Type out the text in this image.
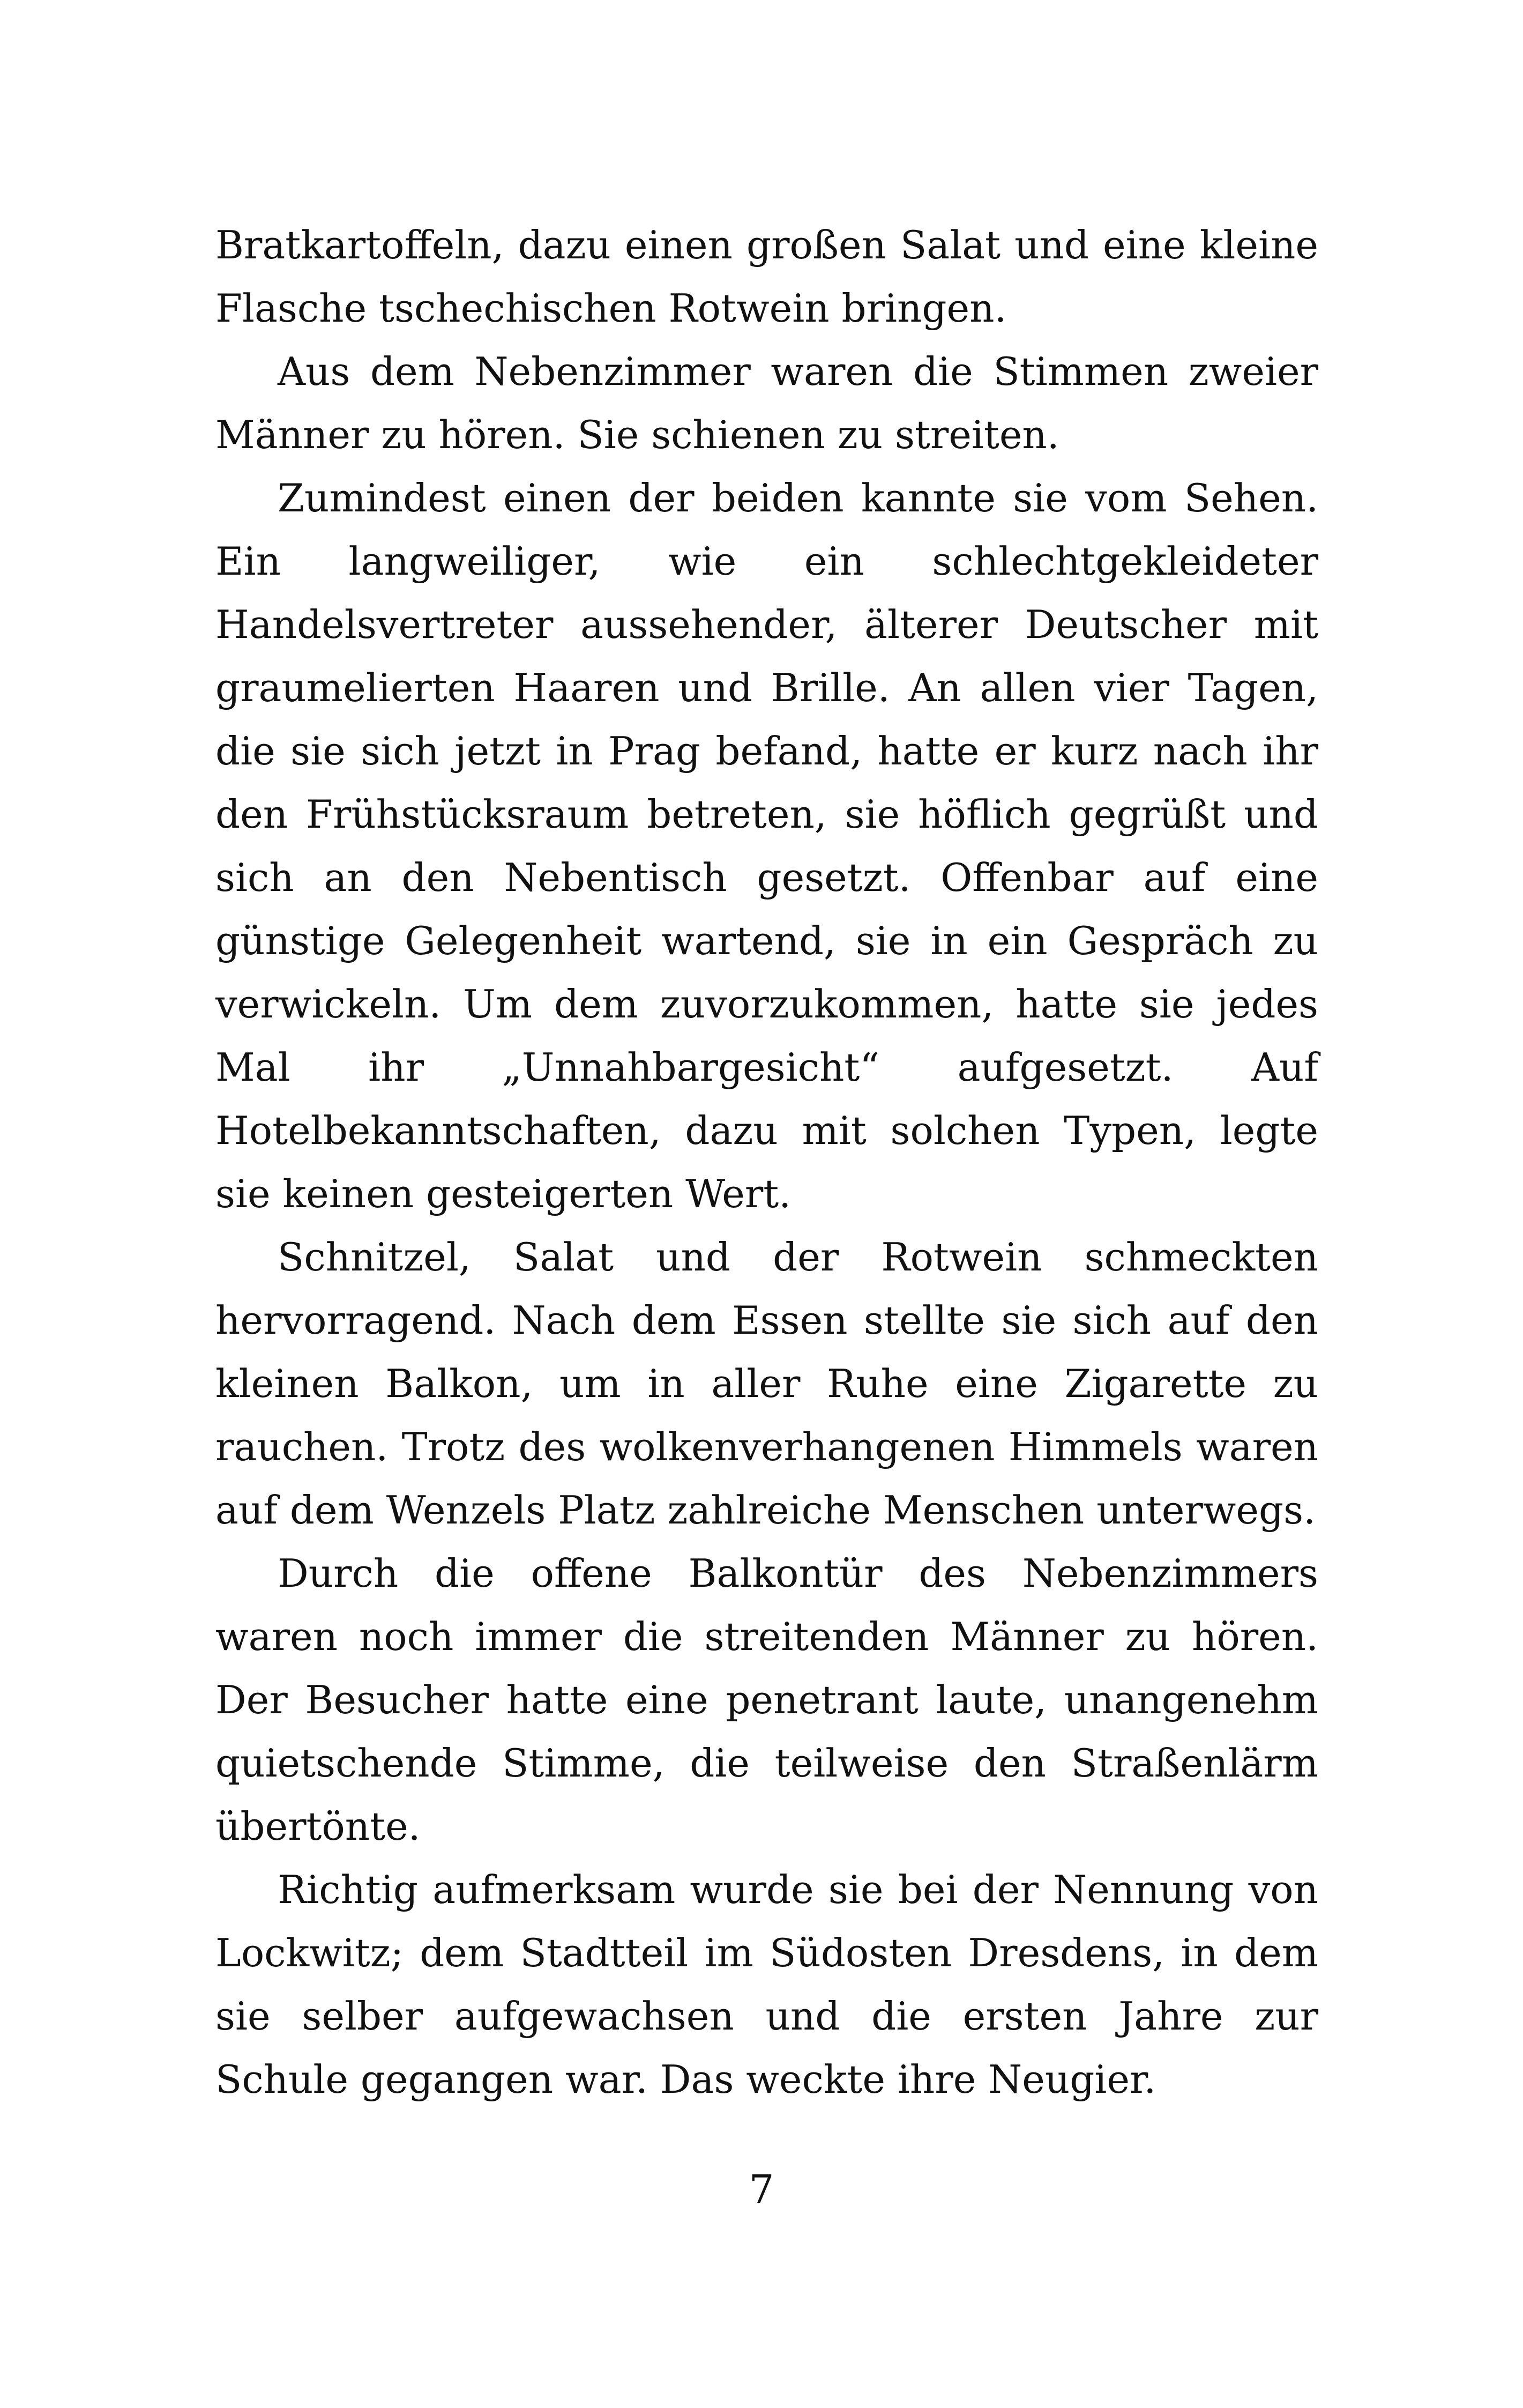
Bratkartoffeln, dazu einen großen Salat und eine kleine Flasche tschechischen Rotwein bringen.

Aus dem Nebenzimmer waren die Stimmen zweier Männer zu hören. Sie schienen zu streiten.

Zumindest einen der beiden kannte sie vom Sehen. Ein langweiliger, wie ein schlechtgekleideter Handelsvertreter aussehender, älterer Deutscher mit graumelierten Haaren und Brille. An allen vier Tagen, die sie sich jetzt in Prag befand, hatte er kurz nach ihr den Frühstücksraum betreten, sie höflich gegrüßt und sich an den Nebentisch gesetzt. Offenbar auf eine günstige Gelegenheit wartend, sie in ein Gespräch zu verwickeln. Um dem zuvorzukommen, hatte sie jedes Mal ihr „Unnahbargesicht“ aufgesetzt. Auf Hotelbekanntschaften, dazu mit solchen Typen, legte sie keinen gesteigerten Wert.

Schnitzel, Salat und der Rotwein schmeckten hervorragend. Nach dem Essen stellte sie sich auf den kleinen Balkon, um in aller Ruhe eine Zigarette zu rauchen. Trotz des wolkenverhangenen Himmels waren auf dem Wenzels Platz zahlreiche Menschen unterwegs.

Durch die offene Balkontür des Nebenzimmers waren noch immer die streitenden Männer zu hören. Der Besucher hatte eine penetrant laute, unangenehm quietschende Stimme, die teilweise den Straßenlärm übertönte.

Richtig aufmerksam wurde sie bei der Nennung von Lockwitz; dem Stadtteil im Südosten Dresdens, in dem sie selber aufgewachsen und die ersten Jahre zur Schule gegangen war. Das weckte ihre Neugier.

7
